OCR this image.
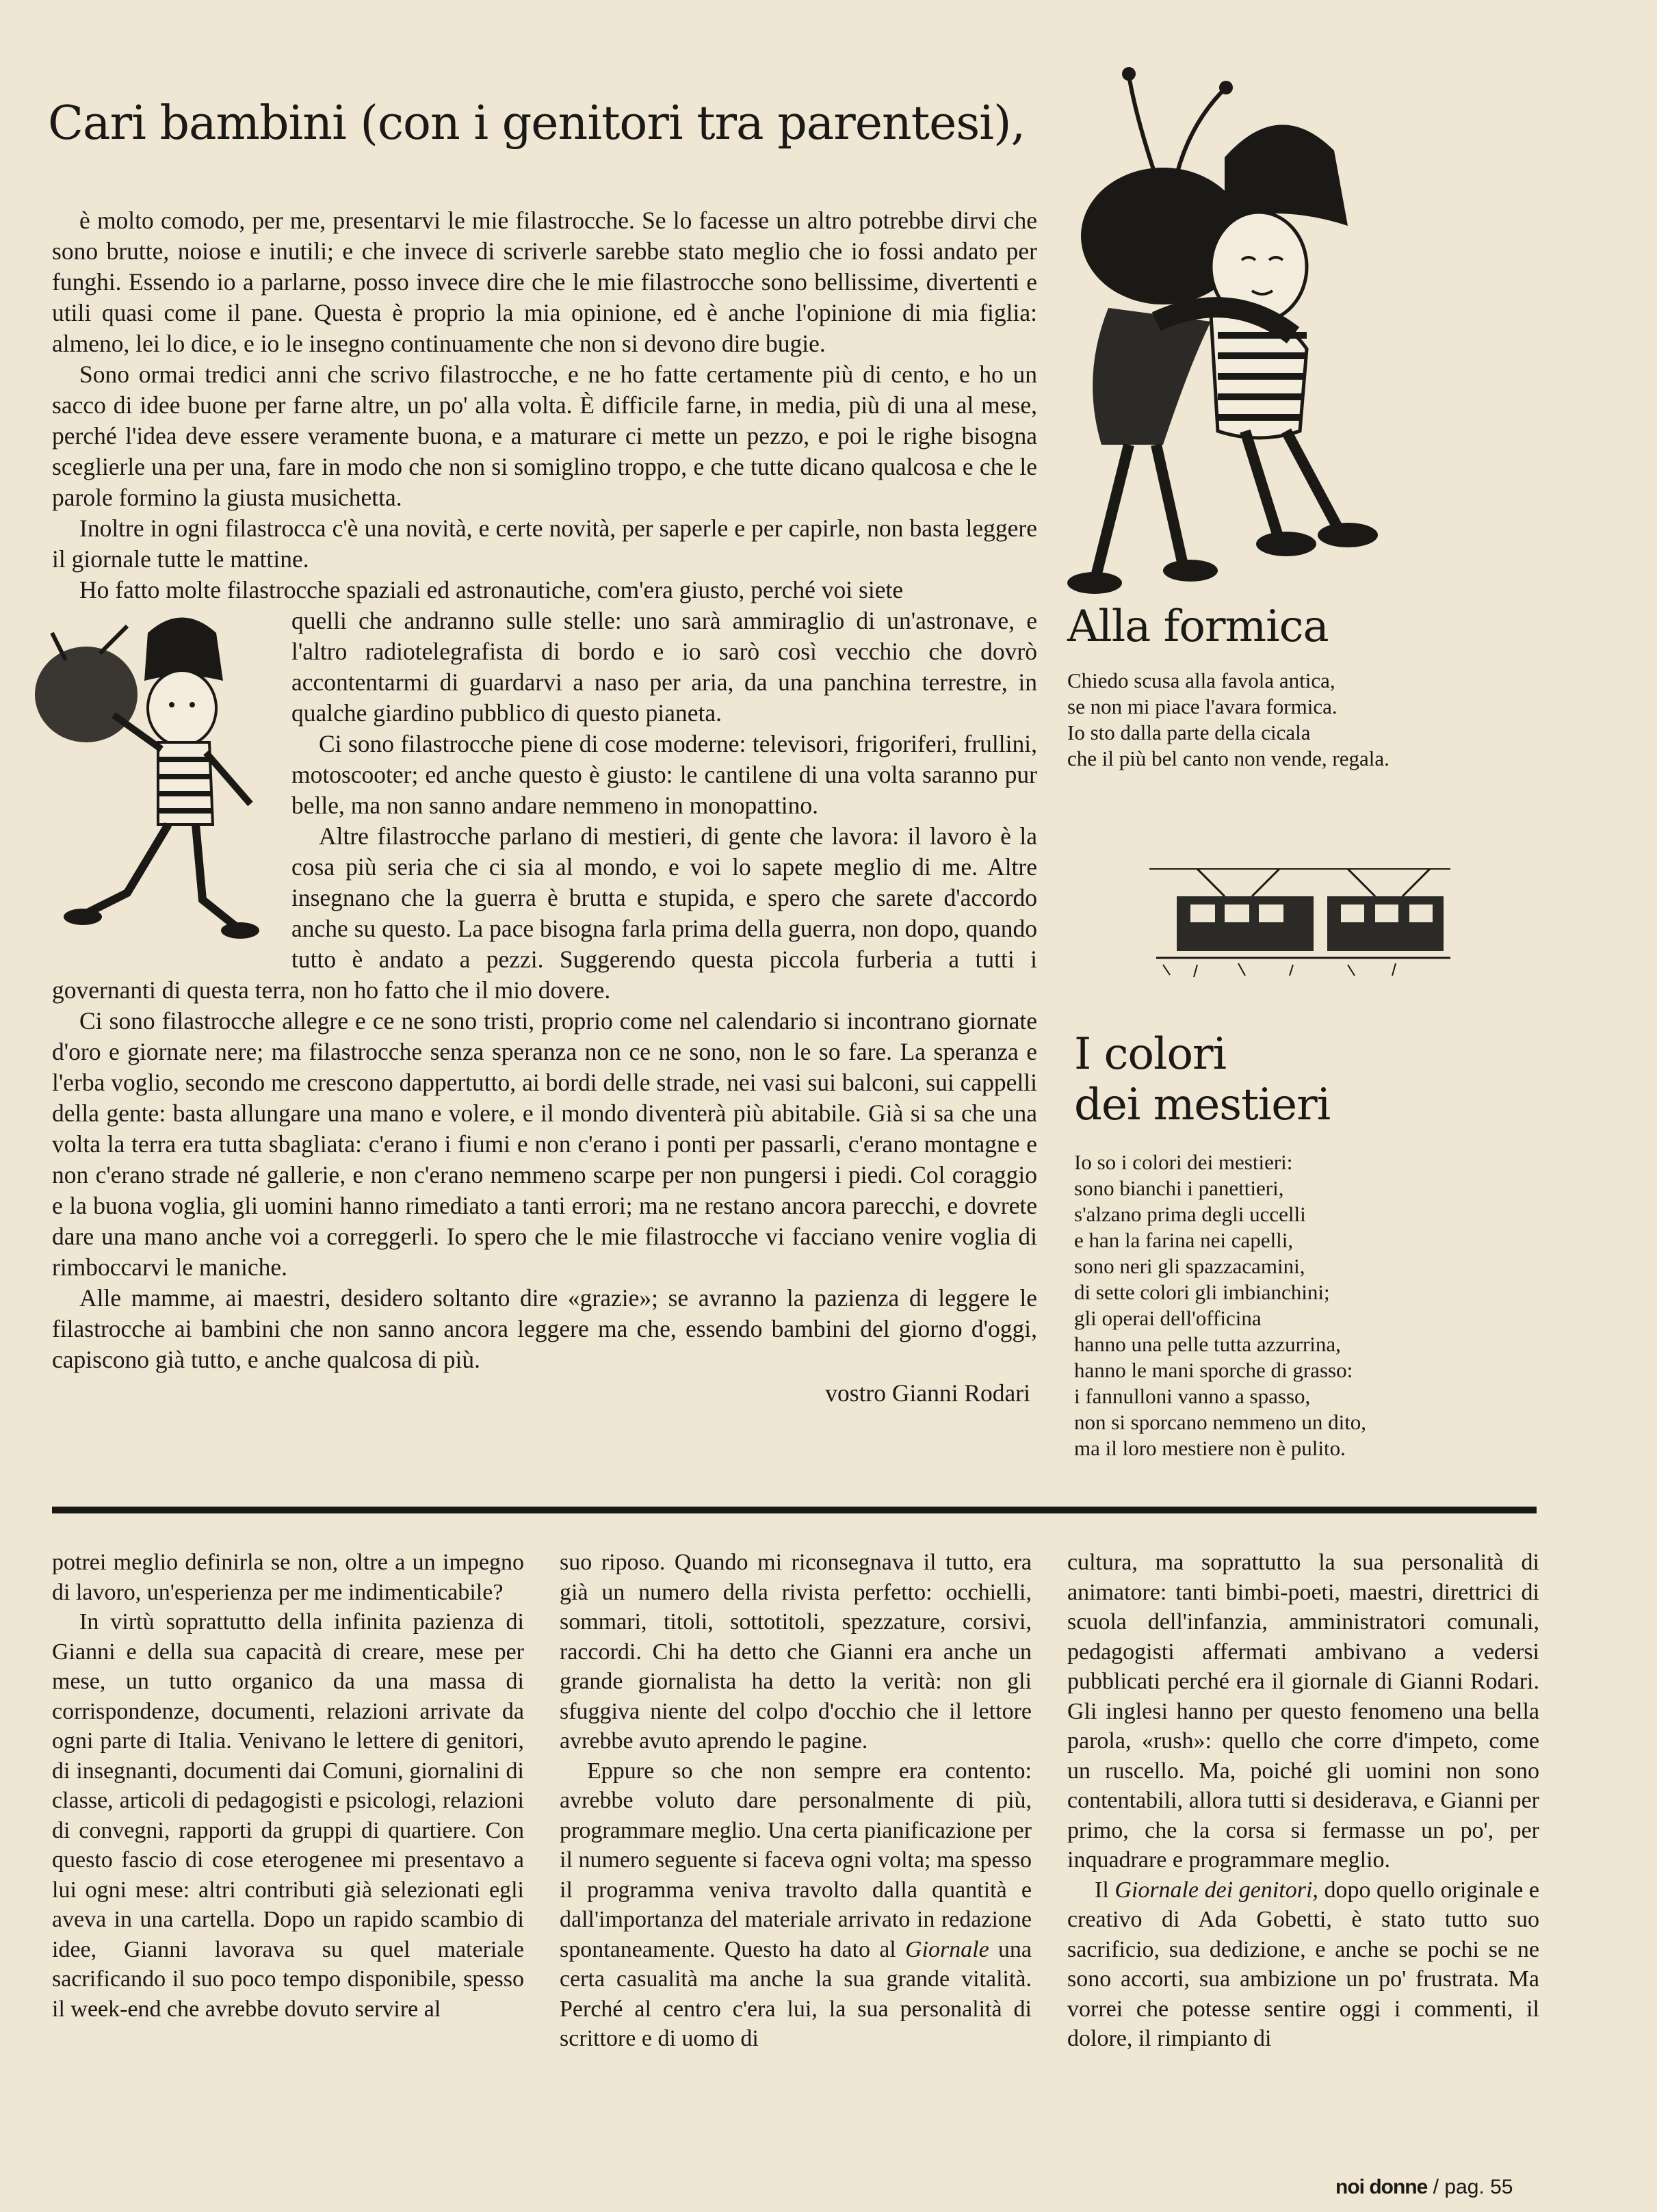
Cari bambini (con i genitori tra parentesi),

è molto comodo, per me, presentarvi le mie filastrocche. Se lo facesse un altro potrebbe dirvi che sono brutte, noiose e inutili; e che invece di scriverle sarebbe stato meglio che io fossi andato per funghi. Essendo io a parlarne, posso invece dire che le mie filastrocche sono bellissime, divertenti e utili quasi come il pane. Questa è proprio la mia opinione, ed è anche l'opinione di mia figlia: almeno, lei lo dice, e io le insegno continuamente che non si devono dire bugie.

Sono ormai tredici anni che scrivo filastrocche, e ne ho fatte certamente più di cento, e ho un sacco di idee buone per farne altre, un po' alla volta. È difficile farne, in media, più di una al mese, perché l'idea deve essere veramente buona, e a maturare ci mette un pezzo, e poi le righe bisogna sceglierle una per una, fare in modo che non si somiglino troppo, e che tutte dicano qualcosa e che le parole formino la giusta musichetta.

Inoltre in ogni filastrocca c'è una novità, e certe novità, per saperle e per capirle, non basta leggere il giornale tutte le mattine.

Ho fatto molte filastrocche spaziali ed astronautiche, com'era giusto, perché voi siete

quelli che andranno sulle stelle: uno sarà ammiraglio di un'astronave, e l'altro radiotelegrafista di bordo e io sarò così vecchio che dovrò accontentarmi di guardarvi a naso per aria, da una panchina terrestre, in qualche giardino pubblico di questo pianeta.

Ci sono filastrocche piene di cose moderne: televisori, frigoriferi, frullini, motoscooter; ed anche questo è giusto: le cantilene di una volta saranno pur belle, ma non sanno andare nemmeno in monopattino.

Altre filastrocche parlano di mestieri, di gente che lavora: il lavoro è la cosa più seria che ci sia al mondo, e voi lo sapete meglio di me. Altre insegnano che la guerra è brutta e stupida, e spero che sarete d'accordo anche su questo. La pace bisogna farla prima della guerra, non dopo, quando tutto è andato a pezzi. Suggerendo questa piccola furberia a tutti i governanti di questa terra, non ho fatto che il mio dovere.

Ci sono filastrocche allegre e ce ne sono tristi, proprio come nel calendario si incontrano giornate d'oro e giornate nere; ma filastrocche senza speranza non ce ne sono, non le so fare. La speranza e l'erba voglio, secondo me crescono dappertutto, ai bordi delle strade, nei vasi sui balconi, sui cappelli della gente: basta allungare una mano e volere, e il mondo diventerà più abitabile. Già si sa che una volta la terra era tutta sbagliata: c'erano i fiumi e non c'erano i ponti per passarli, c'erano montagne e non c'erano strade né gallerie, e non c'erano nemmeno scarpe per non pungersi i piedi. Col coraggio e la buona voglia, gli uomini hanno rimediato a tanti errori; ma ne restano ancora parecchi, e dovrete dare una mano anche voi a correggerli. Io spero che le mie filastrocche vi facciano venire voglia di rimboccarvi le maniche.

Alle mamme, ai maestri, desidero soltanto dire «grazie»; se avranno la pazienza di leggere le filastrocche ai bambini che non sanno ancora leggere ma che, essendo bambini del giorno d'oggi, capiscono già tutto, e anche qualcosa di più.

vostro Gianni Rodari

Alla formica
Chiedo scusa alla favola antica,
se non mi piace l'avara formica.
Io sto dalla parte della cicala
che il più bel canto non vende, regala.
I colori
dei mestieri
Io so i colori dei mestieri:
sono bianchi i panettieri,
s'alzano prima degli uccelli
e han la farina nei capelli,
sono neri gli spazzacamini,
di sette colori gli imbianchini;
gli operai dell'officina
hanno una pelle tutta azzurrina,
hanno le mani sporche di grasso:
i fannulloni vanno a spasso,
non si sporcano nemmeno un dito,
ma il loro mestiere non è pulito.

potrei meglio definirla se non, oltre a un impegno di lavoro, un'esperienza per me indimenticabile?

In virtù soprattutto della infinita pazienza di Gianni e della sua capacità di creare, mese per mese, un tutto organico da una massa di corrispondenze, documenti, relazioni arrivate da ogni parte di Italia. Venivano le lettere di genitori, di insegnanti, documenti dai Comuni, giornalini di classe, articoli di pedagogisti e psicologi, relazioni di convegni, rapporti da gruppi di quartiere. Con questo fascio di cose eterogenee mi presentavo a lui ogni mese: altri contributi già selezionati egli aveva in una cartella. Dopo un rapido scambio di idee, Gianni lavorava su quel materiale sacrificando il suo poco tempo disponibile, spesso il week-end che avrebbe dovuto servire al

suo riposo. Quando mi riconsegnava il tutto, era già un numero della rivista perfetto: occhielli, sommari, titoli, sottotitoli, spezzature, corsivi, raccordi. Chi ha detto che Gianni era anche un grande giornalista ha detto la verità: non gli sfuggiva niente del colpo d'occhio che il lettore avrebbe avuto aprendo le pagine.

Eppure so che non sempre era contento: avrebbe voluto dare personalmente di più, programmare meglio. Una certa pianificazione per il numero seguente si faceva ogni volta; ma spesso il programma veniva travolto dalla quantità e dall'importanza del materiale arrivato in redazione spontaneamente. Questo ha dato al Giornale una certa casualità ma anche la sua grande vitalità. Perché al centro c'era lui, la sua personalità di scrittore e di uomo di

cultura, ma soprattutto la sua personalità di animatore: tanti bimbi-poeti, maestri, direttrici di scuola dell'infanzia, amministratori comunali, pedagogisti affermati ambivano a vedersi pubblicati perché era il giornale di Gianni Rodari. Gli inglesi hanno per questo fenomeno una bella parola, «rush»: quello che corre d'impeto, come un ruscello. Ma, poiché gli uomini non sono contentabili, allora tutti si desiderava, e Gianni per primo, che la corsa si fermasse un po', per inquadrare e programmare meglio.

Il Giornale dei genitori, dopo quello originale e creativo di Ada Gobetti, è stato tutto suo sacrificio, sua dedizione, e anche se pochi se ne sono accorti, sua ambizione un po' frustrata. Ma vorrei che potesse sentire oggi i commenti, il dolore, il rimpianto di

noi donne / pag. 55
